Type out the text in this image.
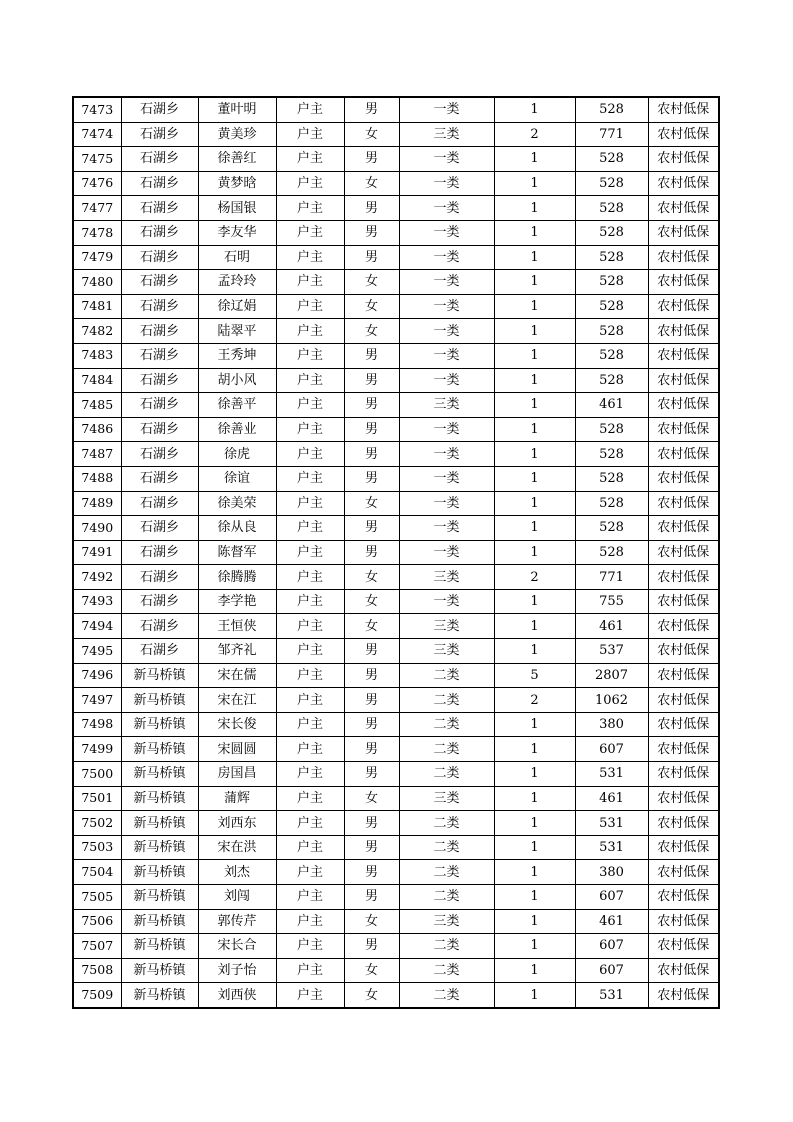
7473	石湖乡	董叶明	户主	男	一类	1	528	农村低保
7474	石湖乡	黄美珍	户主	女	三类	2	771	农村低保
7475	石湖乡	徐善红	户主	男	一类	1	528	农村低保
7476	石湖乡	黄梦晗	户主	女	一类	1	528	农村低保
7477	石湖乡	杨国银	户主	男	一类	1	528	农村低保
7478	石湖乡	李友华	户主	男	一类	1	528	农村低保
7479	石湖乡	石明	户主	男	一类	1	528	农村低保
7480	石湖乡	孟玲玲	户主	女	一类	1	528	农村低保
7481	石湖乡	徐辽娟	户主	女	一类	1	528	农村低保
7482	石湖乡	陆翠平	户主	女	一类	1	528	农村低保
7483	石湖乡	王秀坤	户主	男	一类	1	528	农村低保
7484	石湖乡	胡小风	户主	男	一类	1	528	农村低保
7485	石湖乡	徐善平	户主	男	三类	1	461	农村低保
7486	石湖乡	徐善业	户主	男	一类	1	528	农村低保
7487	石湖乡	徐虎	户主	男	一类	1	528	农村低保
7488	石湖乡	徐谊	户主	男	一类	1	528	农村低保
7489	石湖乡	徐美荣	户主	女	一类	1	528	农村低保
7490	石湖乡	徐从良	户主	男	一类	1	528	农村低保
7491	石湖乡	陈督军	户主	男	一类	1	528	农村低保
7492	石湖乡	徐腾腾	户主	女	三类	2	771	农村低保
7493	石湖乡	李学艳	户主	女	一类	1	755	农村低保
7494	石湖乡	王恒侠	户主	女	三类	1	461	农村低保
7495	石湖乡	邹齐礼	户主	男	三类	1	537	农村低保
7496	新马桥镇	宋在儒	户主	男	二类	5	2807	农村低保
7497	新马桥镇	宋在江	户主	男	二类	2	1062	农村低保
7498	新马桥镇	宋长俊	户主	男	二类	1	380	农村低保
7499	新马桥镇	宋圆圆	户主	男	二类	1	607	农村低保
7500	新马桥镇	房国昌	户主	男	二类	1	531	农村低保
7501	新马桥镇	蒲辉	户主	女	三类	1	461	农村低保
7502	新马桥镇	刘西东	户主	男	二类	1	531	农村低保
7503	新马桥镇	宋在洪	户主	男	二类	1	531	农村低保
7504	新马桥镇	刘杰	户主	男	二类	1	380	农村低保
7505	新马桥镇	刘闯	户主	男	二类	1	607	农村低保
7506	新马桥镇	郭传芹	户主	女	三类	1	461	农村低保
7507	新马桥镇	宋长合	户主	男	二类	1	607	农村低保
7508	新马桥镇	刘子怡	户主	女	二类	1	607	农村低保
7509	新马桥镇	刘西侠	户主	女	二类	1	531	农村低保
